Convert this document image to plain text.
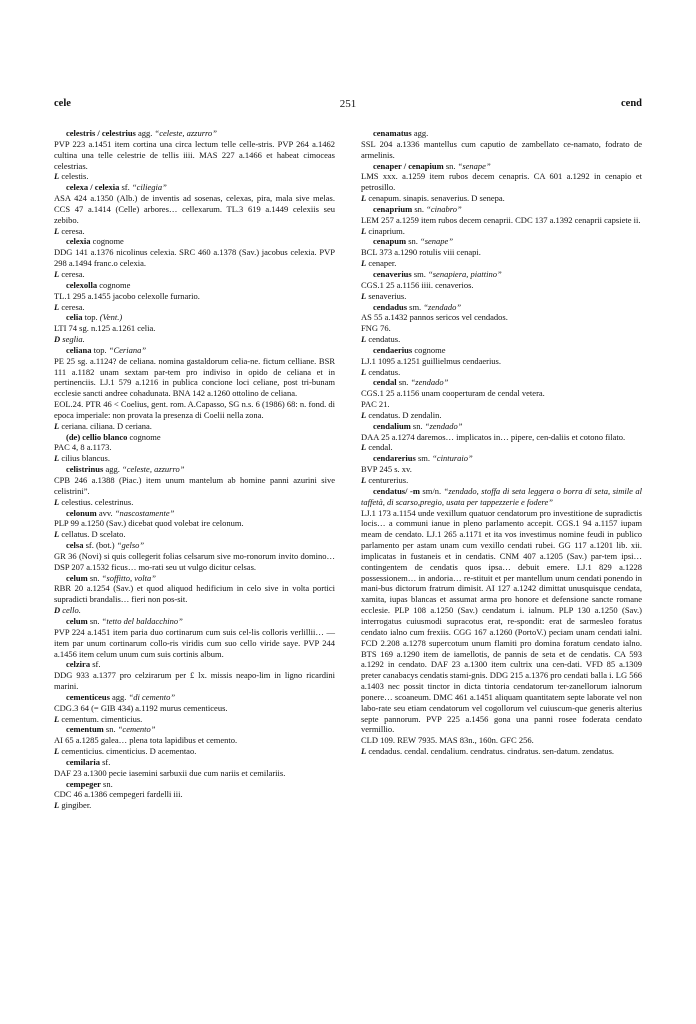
cele	251	cend

celestris / celestrius agg. “celeste, azzurro”

PVP 223 a.1451 item cortina una circa lectum telle celle-stris. PVP 264 a.1462 cultina una telle celestrie de tellis iiii. MAS 227 a.1466 et habeat cimoceas celestrias.

L celestis.

celexa / celexia sf. “ciliegia”

ASA 424 a.1350 (Alb.) de inventis ad sosenas, celexas, pira, mala sive melas. CCS 47 a.1414 (Celle) arbores… cellexarum. TL.3 619 a.1449 celexiis seu zebibo.

L ceresa.

celexia cognome

DDG 141 a.1376 nicolinus celexia. SRC 460 a.1378 (Sav.) jacobus celexia. PVP 298 a.1494 franc.o celexia.

L ceresa.

celexolla cognome

TL.1 295 a.1455 jacobo celexolle furnario.

L ceresa.

celia top. (Vent.)

LTI 74 sg. n.125 a.1261 celia.

D seglia.

celiana top. “Ceriana”

PE 25 sg. a.1124? de celiana. nomina gastaldorum celia-ne. fictum celliane. BSR 111 a.1182 unam sextam par-tem pro indiviso in opido de celiana et in pertinenciis. LJ.1 579 a.1216 in publica concione loci celiane, post tri-bunam ecclesie sancti andree cohadunata. BNA 142 a.1260 ottolino de celiana.

EOL.24. PTR 46 < Coelius, gent. rom. A.Capasso, SG n.s. 6 (1986) 68: n. fond. di epoca imperiale: non provata la presenza di Coelii nella zona.

L ceriana. ciliana. D ceriana.

(de) cellio blanco cognome

PAC 4, 8 a.1173.

L cilius blancus.

celistrinus agg. “celeste, azzurro”

CPB 246 a.1388 (Piac.) item unum mantelum ab homine panni azurini sive celistrini”.

L celestius. celestrinus.

celonum avv. “nascostamente”

PLP 99 a.1250 (Sav.) dicebat quod volebat ire celonum.

L cellatus. D scelato.

celsa sf. (bot.) “gelso”

GR 36 (Novi) si quis collegerit folias celsarum sive mo-ronorum invito domino… DSP 207 a.1532 ficus… mo-rati seu ut vulgo dicitur celsas.

celum sn. “soffitto, volta”

RBR 20 a.1254 (Sav.) et quod aliquod hedificium in celo sive in volta portici supradicti brandalis… fieri non pos-sit.

D cello.

celum sn. “tetto del baldacchino”

PVP 224 a.1451 item paria duo cortinarum cum suis cel-lis colloris verlillii… — item par unum cortinarum collo-ris viridis cum suo cello viride saye. PVP 244 a.1456 item celum unum cum suis cortinis album.

celzira sf.

DDG 933 a.1377 pro celzirarum per £ lx. missis neapo-lim in ligno ricardini marini.

cementiceus agg. “di cemento”

CDG.3 64 (= GIB 434) a.1192 murus cementiceus.

L cementum. cimenticius.

cementum sn. “cemento”

AI 65 a.1285 galea… plena tota lapidibus et cemento.

L cementicius. cimenticius. D acementao.

cemilaria sf.

DAF 23 a.1300 pecie iasemini sarbuxii due cum nariis et cemilariis.

cempeger sn.

CDC 46 a.1386 cempegeri fardelli iii.

L gingiber.

cenamatus agg.

SSL 204 a.1336 mantellus cum caputio de zambellato ce-namato, fodrato de armelinis.

cenaper / cenapium sn. “senape”

LMS xxx. a.1259 item rubos decem cenapris. CA 601 a.1292 in cenapio et petrosillo.

L cenapum. sinapis. senaverius. D senepa.

cenaprium sn. “cinabro”

LEM 257 a.1259 item rubos decem cenaprii. CDC 137 a.1392 cenaprii capsiete ii.

L cinaprium.

cenapum sn. “senape”

BCL 373 a.1290 rotulis viii cenapi.

L cenaper.

cenaverius sm. “senapiera, piattino”

CGS.1 25 a.1156 iiii. cenaverios.

L senaverius.

cendadus sm. “zendado”

AS 55 a.1432 pannos sericos vel cendados.

FNG 76.

L cendatus.

cendaerius cognome

LJ.1 1095 a.1251 guillielmus cendaerius.

L cendatus.

cendal sn. “zendado”

CGS.1 25 a.1156 unam cooperturam de cendal vetera.

PAC 21.

L cendatus. D zendalin.

cendalium sn. “zendado”

DAA 25 a.1274 daremos… implicatos in… pipere, cen-daliis et cotono filato.

L cendal.

cendarerius sm. “cinturaio”

BVP 245 s. xv.

L centurerius.

cendatus/ -m sm/n. “zendado, stoffa di seta leggera o borra di seta, simile al taffetà, di scarso,pregio, usata per tappezzerie e fodere”

LJ.1 173 a.1154 unde vexillum quatuor cendatorum pro investitione de supradictis locis… a communi ianue in pleno parlamento accepit. CGS.1 94 a.1157 iupam meam de cendato. LJ.1 265 a.1171 et ita vos investimus nomine feudi in publico parlamento per astam unam cum vexillo cendati rubei. GG 117 a.1201 lib. xii. implicatas in fustaneis et in cendatis. CNM 407 a.1205 (Sav.) par-tem ipsi… contingentem de cendatis quos ipsa… debuit emere. LJ.1 829 a.1228 possessionem… in andoria… re-stituit et per mantellum unum cendati ponendo in mani-bus dictorum fratrum dimisit. AI 127 a.1242 dimittat unusquisque cendata, xamita, iupas blancas et assumat arma pro honore et defensione sancte romane ecclesie. PLP 108 a.1250 (Sav.) cendatum i. ialnum. PLP 130 a.1250 (Sav.) interrogatus cuiusmodi supracotus erat, re-spondit: erat de sarmesleo foratus cendato ialno cum frexiis. CGG 167 a.1260 (PortoV.) peciam unam cendati ialni. FCD 2.208 a.1278 supercotum unum flamiti pro domina foratum cendato ialno. BTS 169 a.1290 item de iamellotis, de pannis de seta et de cendatis. CA 593 a.1292 in cendato. DAF 23 a.1300 item cultrix una cen-dati. VFD 85 a.1309 preter canabacys cendatis stami-gnis. DDG 215 a.1376 pro cendati balla i. LG 566 a.1403 nec possit tinctor in dicta tintoria cendatorum ter-zanellorum ialnorum ponere… scoaneum. DMC 461 a.1451 aliquam quantitatem septe laborate vel non labo-rate seu etiam cendatorum vel cogollorum vel cuiuscum-que generis alterius septe pannorum. PVP 225 a.1456 gona una panni rosee foderata cendato vermillio.

CLD 109. REW 7935. MAS 83n., 160n. GFC 256.

L cendadus. cendal. cendalium. cendratus. cindratus. sen-datum. zendatus.
